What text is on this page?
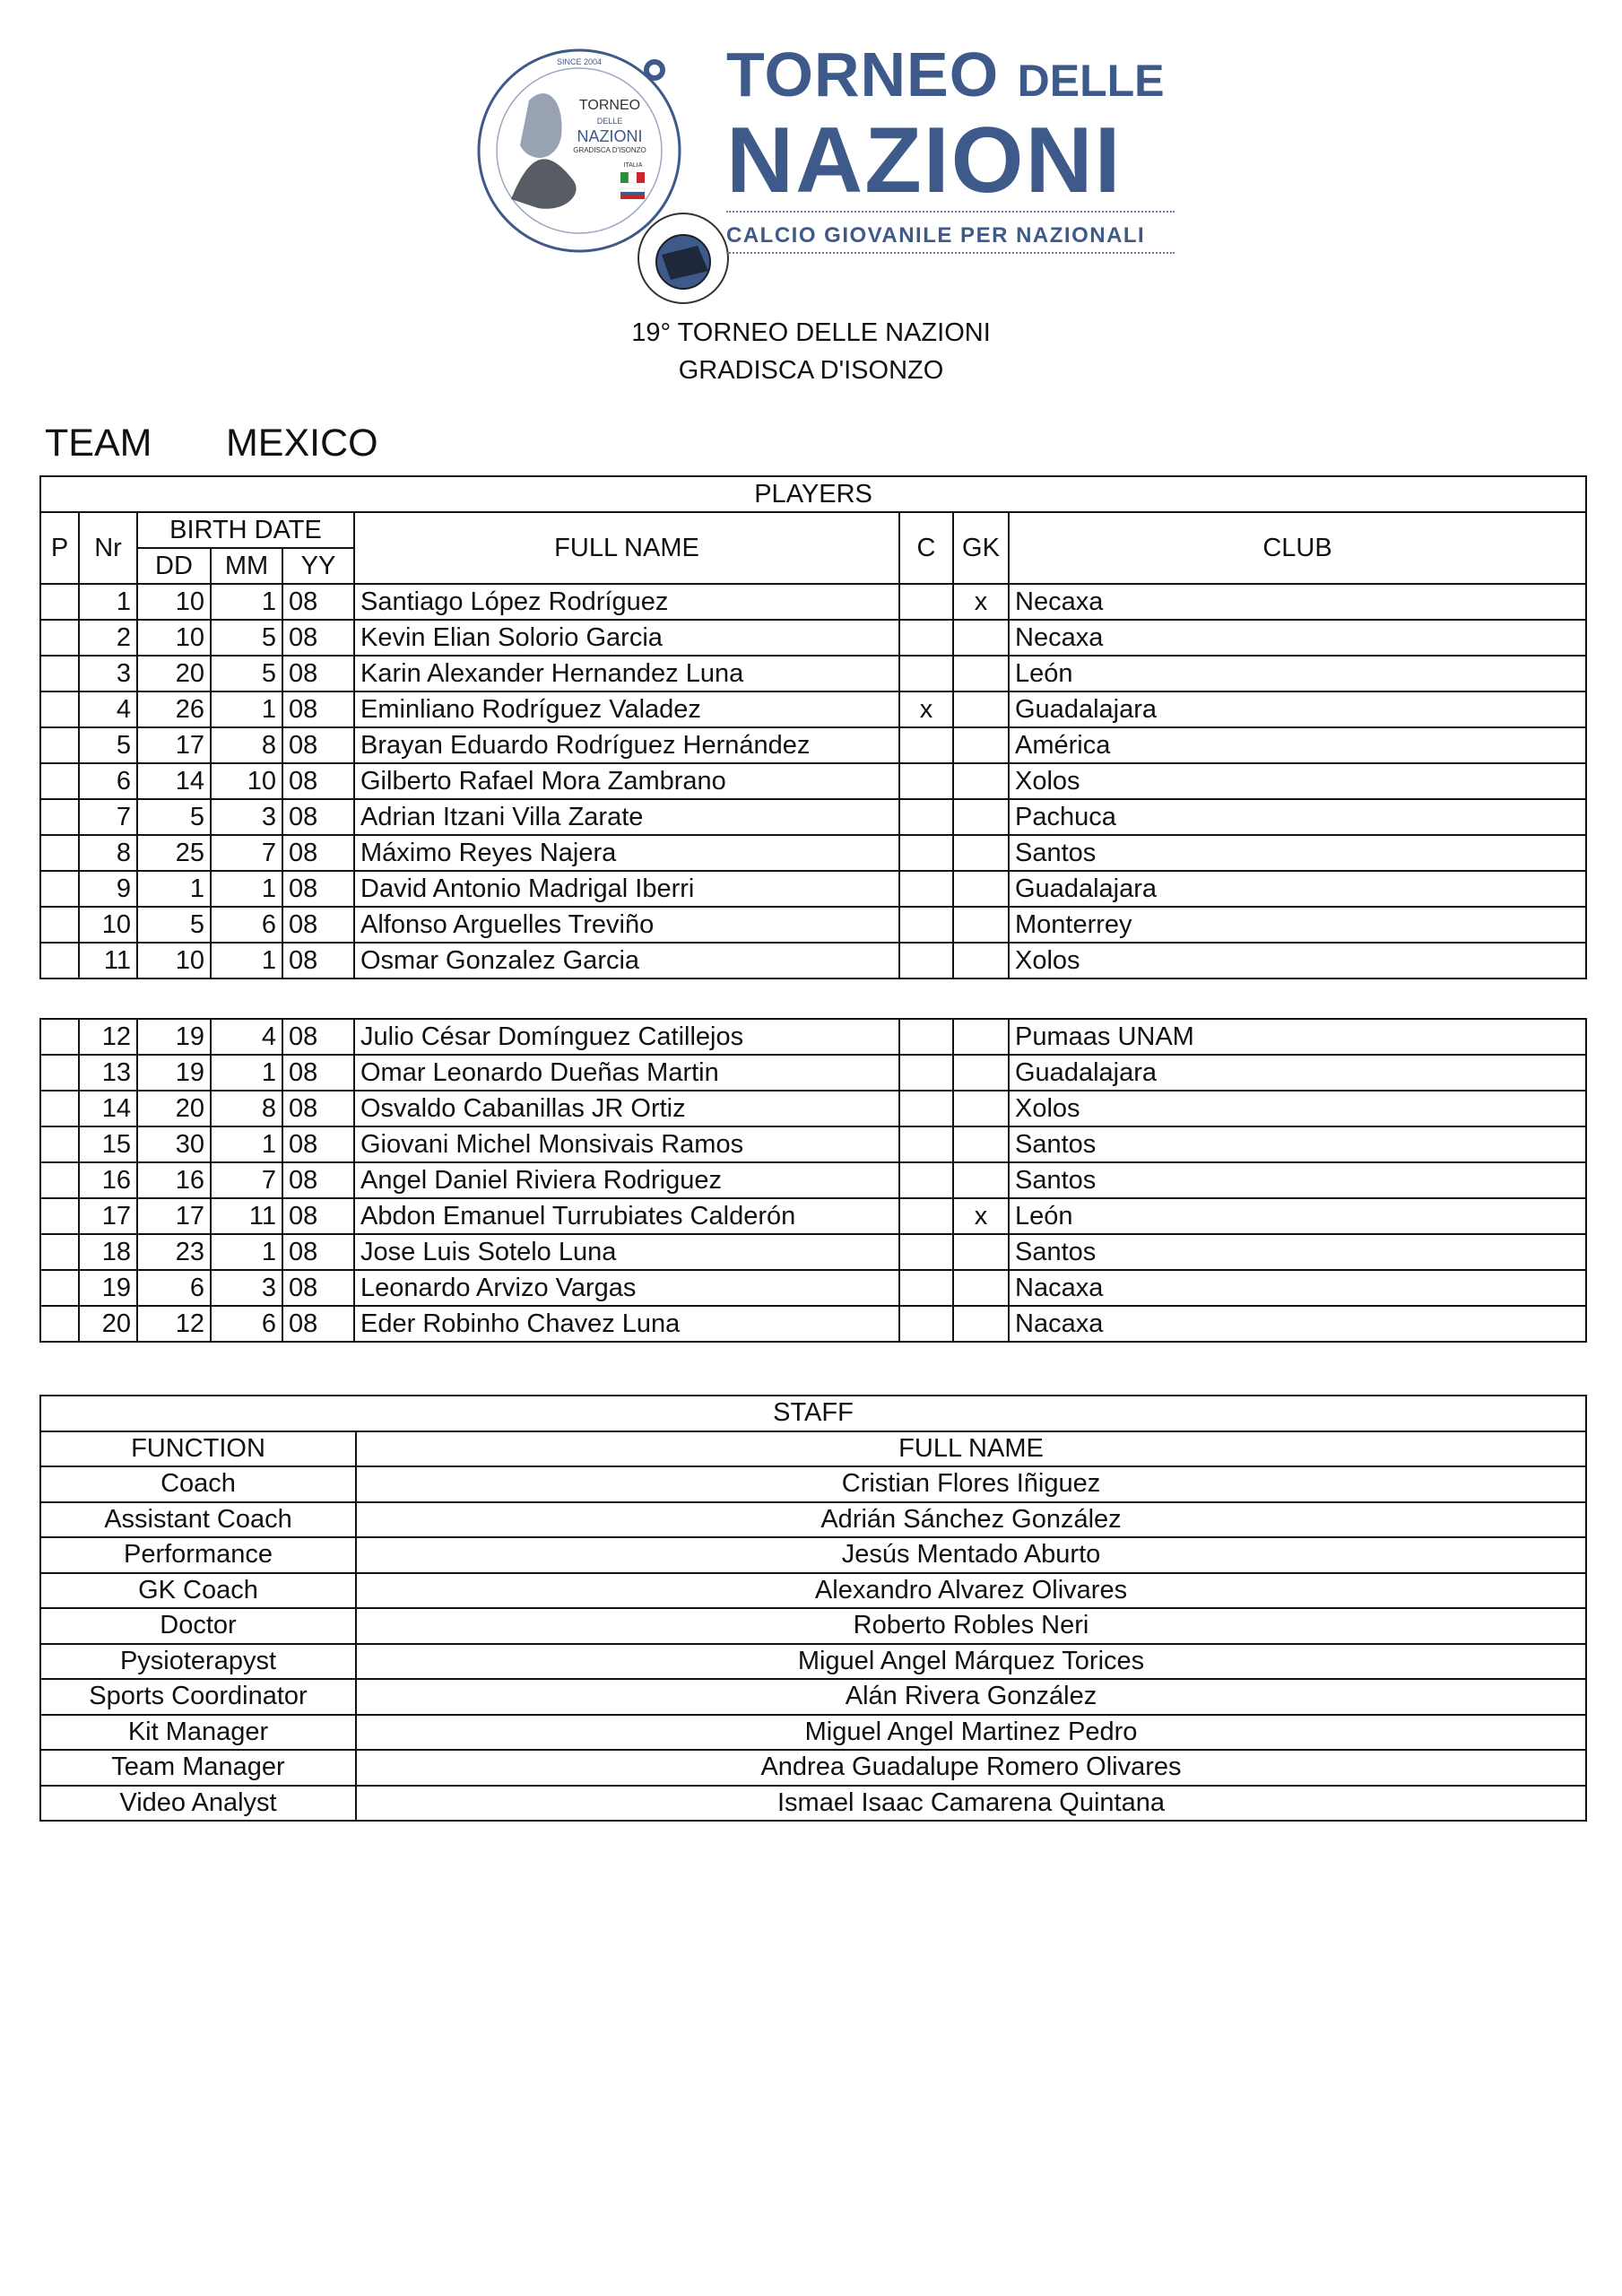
SINCE 2004
TORNEO
DELLE
NAZIONI
GRADISCA D'ISONZO
ITALIA
TORNEO DELLE
NAZIONI
CALCIO GIOVANILE PER NAZIONALI
19° TORNEO DELLE NAZIONI
GRADISCA D'ISONZO
TEAM MEXICO
PLAYERS								
P	Nr	BIRTH DATE			FULL NAME	C	GK	CLUB
		DD	MM	YY				
	1	10	1	08	Santiago López Rodríguez		x	Necaxa
	2	10	5	08	Kevin Elian Solorio Garcia			Necaxa
	3	20	5	08	Karin Alexander Hernandez Luna			León
	4	26	1	08	Eminliano Rodríguez Valadez	x		Guadalajara
	5	17	8	08	Brayan Eduardo Rodríguez Hernández			América
	6	14	10	08	Gilberto Rafael Mora Zambrano			Xolos
	7	5	3	08	Adrian Itzani Villa Zarate			Pachuca
	8	25	7	08	Máximo Reyes Najera			Santos
	9	1	1	08	David Antonio Madrigal Iberri			Guadalajara
	10	5	6	08	Alfonso Arguelles Treviño			Monterrey
	11	10	1	08	Osmar Gonzalez Garcia			Xolos
	12	19	4	08	Julio César Domínguez Catillejos			Pumaas UNAM
	13	19	1	08	Omar Leonardo Dueñas Martin			Guadalajara
	14	20	8	08	Osvaldo Cabanillas JR Ortiz			Xolos
	15	30	1	08	Giovani Michel Monsivais Ramos			Santos
	16	16	7	08	Angel Daniel Riviera Rodriguez			Santos
	17	17	11	08	Abdon Emanuel Turrubiates Calderón		x	León
	18	23	1	08	Jose Luis Sotelo Luna			Santos
	19	6	3	08	Leonardo Arvizo Vargas			Nacaxa
	20	12	6	08	Eder Robinho Chavez Luna			Nacaxa
STAFF	
FUNCTION	FULL NAME
Coach	Cristian Flores Iñiguez
Assistant Coach	Adrián Sánchez González
Performance	Jesús Mentado Aburto
GK Coach	Alexandro Alvarez Olivares
Doctor	Roberto Robles Neri
Pysioterapyst	Miguel Angel Márquez Torices
Sports Coordinator	Alán Rivera González
Kit Manager	Miguel Angel Martinez Pedro
Team Manager	Andrea Guadalupe Romero Olivares
Video Analyst	Ismael Isaac Camarena Quintana
